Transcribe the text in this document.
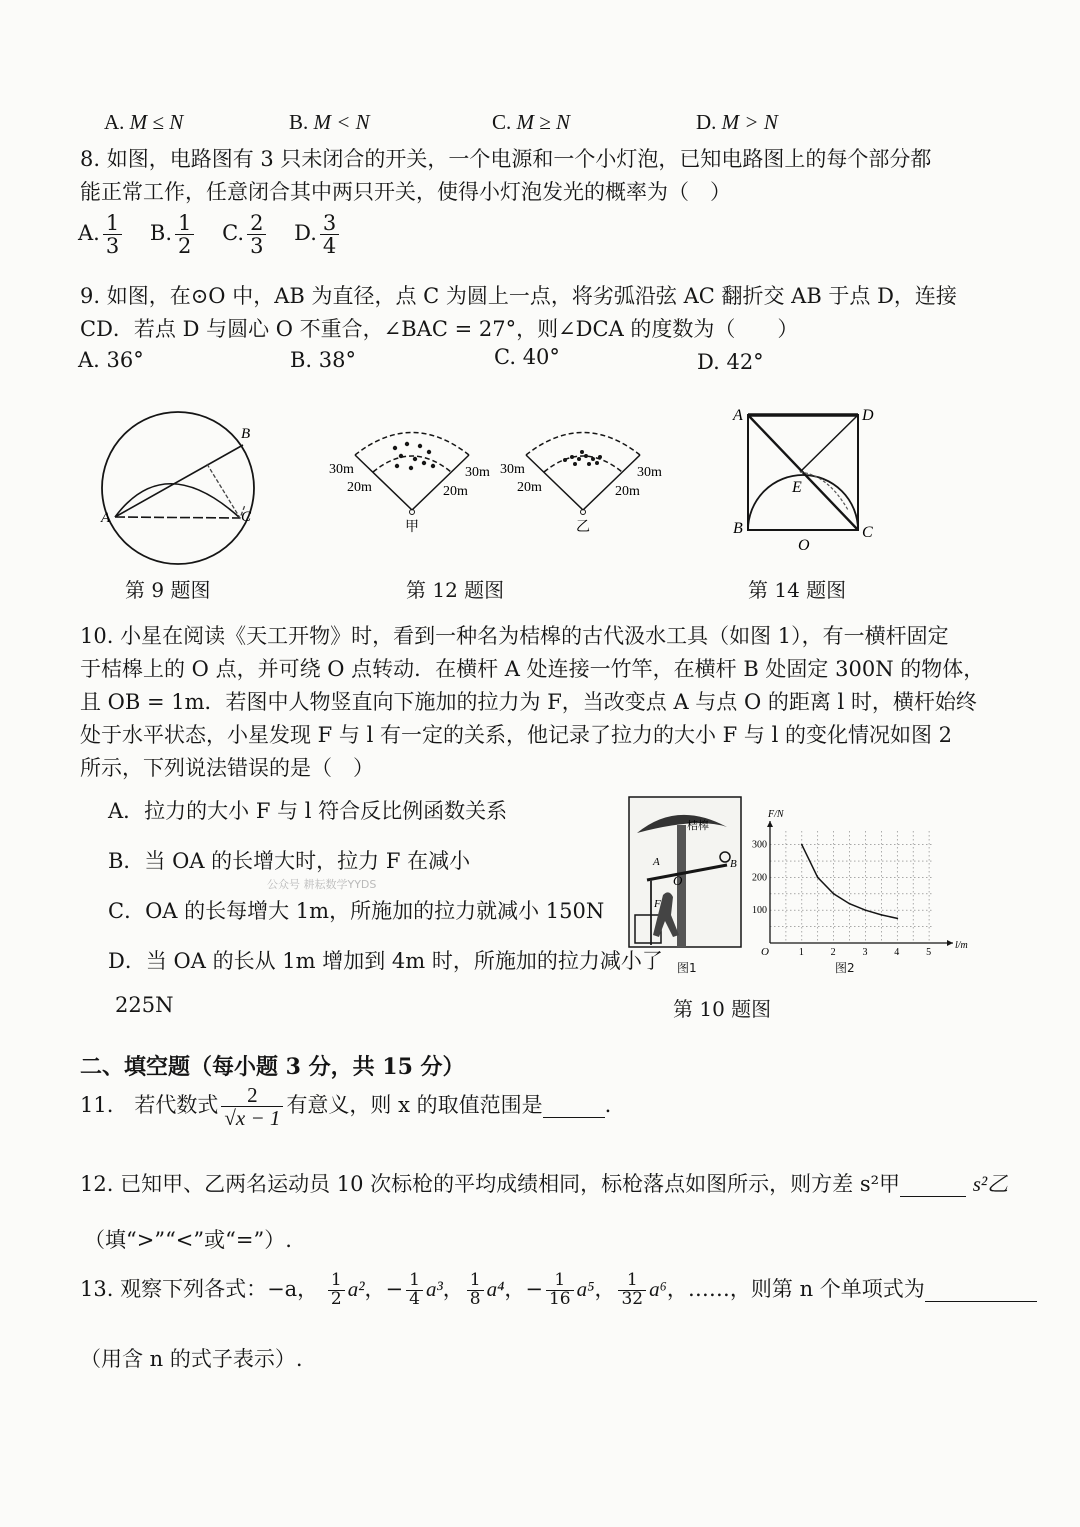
A. M ≤ N	B. M < N	C. M ≥ N	D. M > N
8. 如图，电路图有 3 只未闭合的开关，一个电源和一个小灯泡，已知电路图上的每个部分都
能正常工作，任意闭合其中两只开关，使得小灯泡发光的概率为（　）
A. $\frac{1}{3} B$. $\frac{1}{2} C$. $\frac{2}{3} D$. $\frac{3}{4}$
9. 如图，在⊙O 中，AB 为直径，点 C 为圆上一点，将劣弧沿弦 AC 翻折交 AB 于点 D，连接
CD．若点 D 与圆心 O 不重合，∠BAC = 27°，则∠DCA 的度数为（　　）
A. 36°	B. 38°	C. 40°	D. 42°
A
B
C
第 9 题图
30m
20m
30m
20m
甲
30m
20m
30m
20m
乙
第 12 题图
A	D
B	C
E
O
第 14 题图
10. 小星在阅读《天工开物》时，看到一种名为桔槔的古代汲水工具（如图 1），有一横杆固定
于桔槔上的 O 点，并可绕 O 点转动．在横杆 A 处连接一竹竿，在横杆 B 处固定 300N 的物体，
且 OB = 1m．若图中人物竖直向下施加的拉力为 F，当改变点 A 与点 O 的距离 l 时，横杆始终
处于水平状态，小星发现 F 与 l 有一定的关系，他记录了拉力的大小 F 与 l 的变化情况如图 2
所示，下列说法错误的是（　）
A．拉力的大小 F 与 l 符合反比例函数关系
B．当 OA 的长增大时，拉力 F 在减小
C．OA 的长每增大 1m，所施加的拉力就减小 150N
D．当 OA 的长从 1m 增加到 4m 时，所施加的拉力减小了
225N
公众号 耕耘数学YYDS
桔槔
A	B
O
F
图1
1	2	3	4	5
100
200
300
O
l/m
F/N
图2
第 10 题图
二、填空题（每小题 3 分，共 15 分）
11.　若代数式 $\frac{2}{√x - 1}$ 有意义，则 x 的取值范围是	.
12. 已知甲、乙两名运动员 10 次标枪的平均成绩相同，标枪落点如图所示，则方差 s²甲	s²乙
（填“>”“<”或“=”）.
13. 观察下列各式：−a， $\frac{1}{2} a^2$，− $\frac{1}{4} a^3$， $\frac{1}{8} a^4$，− $\frac{1}{16} a^5$， $\frac{1}{32} a^6$，……，则第 n 个单项式为
（用含 n 的式子表示）.
